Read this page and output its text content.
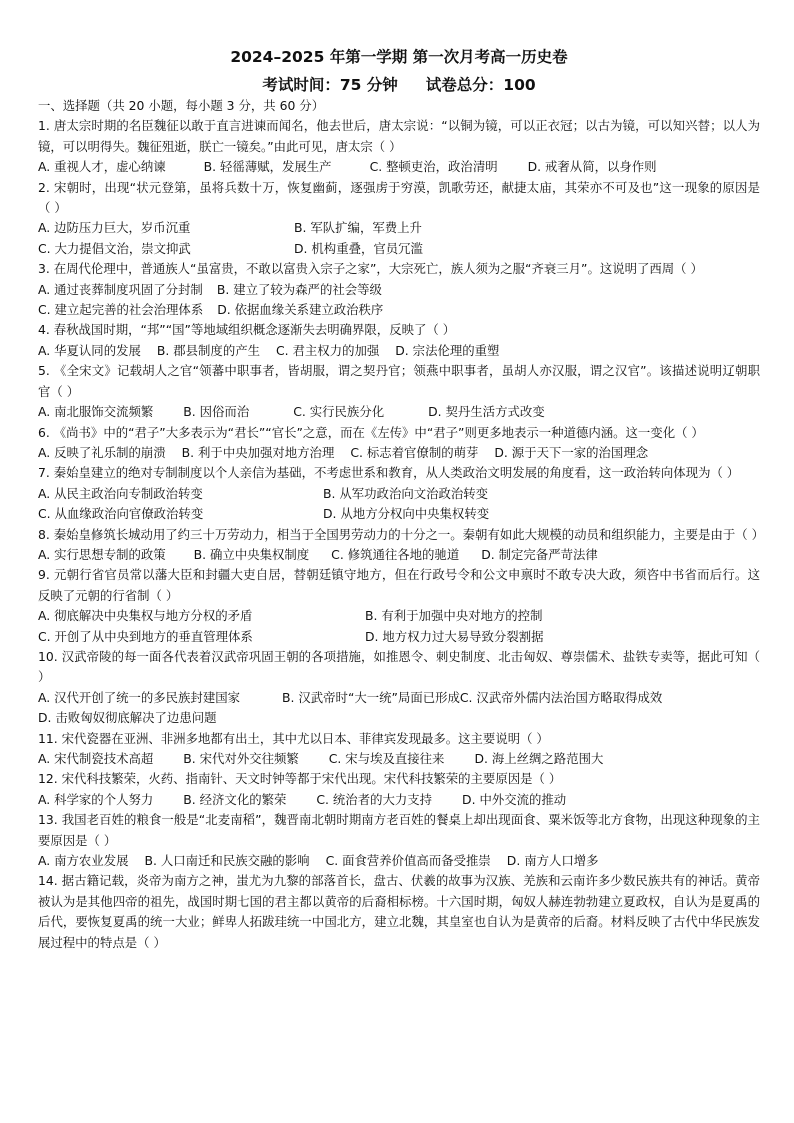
2024–2025 年第一学期 第一次月考高一历史卷
考试时间：75 分钟 试卷总分：100
一、选择题（共 20 小题，每小题 3 分，共 60 分）

1. 唐太宗时期的名臣魏征以敢于直言进谏而闻名，他去世后，唐太宗说：“以铜为镜，可以正衣冠；以古为镜，可以知兴替；以人为镜，可以明得失。魏征殂逝，朕亡一镜矣。”由此可见，唐太宗（ ）

A. 重视人才，虚心纳谏	B. 轻徭薄赋，发展生产	C. 整顿吏治，政治清明 D. 戒奢从简，以身作则

2. 宋朝时，出现“状元登第，虽将兵数十万，恢复幽蓟，逐强虏于穷漠，凯歌劳还，献捷太庙，其荣亦不可及也”这一现象的原因是（ ）

A. 边防压力巨大，岁币沉重	B. 军队扩编，军费上升
C. 大力提倡文治，崇文抑武	D. 机构重叠，官员冗滥

3. 在周代伦理中，普通族人“虽富贵，不敢以富贵入宗子之家”，大宗死亡，族人须为之服“齐衰三月”。这说明了西周（ ）

A. 通过丧葬制度巩固了分封制 B. 建立了较为森严的社会等级
C. 建立起完善的社会治理体系 D. 依据血缘关系建立政治秩序

4. 春秋战国时期，“邦”“国”等地域组织概念逐渐失去明确界限，反映了（ ）

A. 华夏认同的发展 B. 郡县制度的产生 C. 君主权力的加强 D. 宗法伦理的重塑

5. 《全宋文》记载胡人之官“领蕃中职事者，皆胡服，谓之契丹官；领燕中职事者，虽胡人亦汉服，谓之汉官”。该描述说明辽朝职官（ ）

A. 南北服饰交流频繁 B. 因俗而治	C. 实行民族分化	D. 契丹生活方式改变

6. 《尚书》中的“君子”大多表示为“君长”“官长”之意，而在《左传》中“君子”则更多地表示一种道德内涵。这一变化（ ）

A. 反映了礼乐制的崩溃 B. 利于中央加强对地方治理 C. 标志着官僚制的萌芽 D. 源于天下一家的治国理念

7. 秦始皇建立的绝对专制制度以个人亲信为基础，不考虑世系和教育，从人类政治文明发展的角度看，这一政治转向体现为（ ）

A. 从民主政治向专制政治转变	B. 从军功政治向文治政治转变
C. 从血缘政治向官僚政治转变	D. 从地方分权向中央集权转变

8. 秦始皇修筑长城动用了约三十万劳动力，相当于全国男劳动力的十分之一。秦朝有如此大规模的动员和组织能力，主要是由于（ ）

A. 实行思想专制的政策 B. 确立中央集权制度 C. 修筑通往各地的驰道 D. 制定完备严苛法律

9. 元朝行省官员常以藩大臣和封疆大吏自居，替朝廷镇守地方，但在行政号令和公文申禀时不敢专决大政，须咨中书省而后行。这反映了元朝的行省制（ ）

A. 彻底解决中央集权与地方分权的矛盾	B. 有利于加强中央对地方的控制
C. 开创了从中央到地方的垂直管理体系	D. 地方权力过大易导致分裂割据

10. 汉武帝陵的每一面各代表着汉武帝巩固王朝的各项措施，如推恩令、刺史制度、北击匈奴、尊崇儒术、盐铁专卖等，据此可知（ ）

A. 汉代开创了统一的多民族封建国家	B. 汉武帝时“大一统”局面已形成 C. 汉武帝外儒内法治国方略取得成效
D. 击败匈奴彻底解决了边患问题

11. 宋代瓷器在亚洲、非洲多地都有出土，其中尤以日本、菲律宾发现最多。这主要说明（ ）

A. 宋代制瓷技术高超 B. 宋代对外交往频繁 C. 宋与埃及直接往来 D. 海上丝绸之路范围大

12. 宋代科技繁荣，火药、指南针、天文时钟等都于宋代出现。宋代科技繁荣的主要原因是（ ）

A. 科学家的个人努力 B. 经济文化的繁荣 C. 统治者的大力支持 D. 中外交流的推动

13. 我国老百姓的粮食一般是“北麦南稻”，魏晋南北朝时期南方老百姓的餐桌上却出现面食、粟米饭等北方食物，出现这种现象的主要原因是（ ）

A. 南方农业发展 B. 人口南迁和民族交融的影响 C. 面食营养价值高而备受推崇 D. 南方人口增多

14. 据古籍记载，炎帝为南方之神，蚩尤为九黎的部落首长，盘古、伏羲的故事为汉族、羌族和云南许多少数民族共有的神话。黄帝被认为是其他四帝的祖先，战国时期七国的君主都以黄帝的后裔相标榜。十六国时期，匈奴人赫连勃勃建立夏政权，自认为是夏禹的后代，要恢复夏禹的统一大业；鲜卑人拓跋珪统一中国北方，建立北魏，其皇室也自认为是黄帝的后裔。材料反映了古代中华民族发展过程中的特点是（ ）
